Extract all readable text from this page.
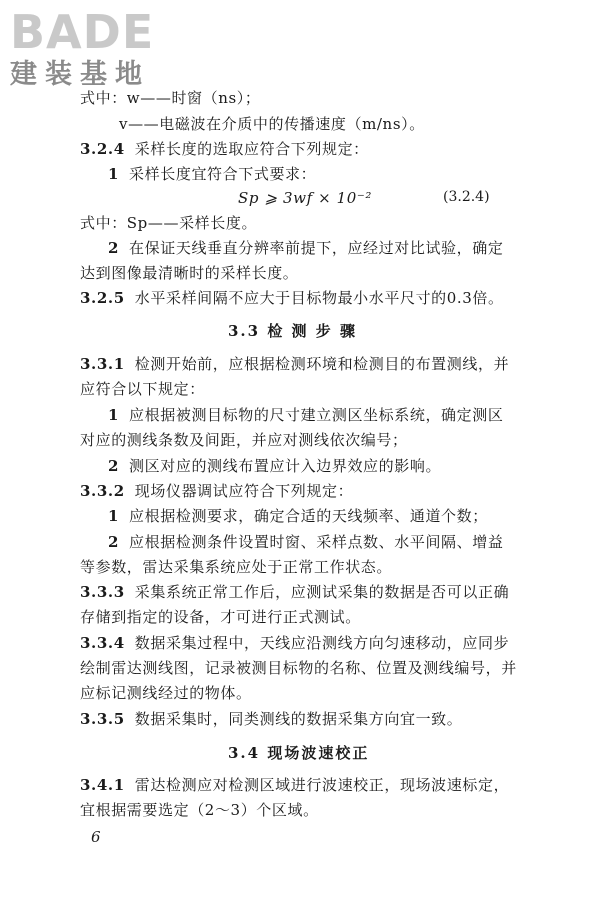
BADE
建装基地
式中：w——时窗（ns）；
v——电磁波在介质中的传播速度（m/ns）。
3.2.4 采样长度的选取应符合下列规定：
1 采样长度宜符合下式要求：
Sp ⩾ 3wf × 10⁻²	(3.2.4)
式中：Sp——采样长度。
2 在保证天线垂直分辨率前提下，应经过对比试验，确定
达到图像最清晰时的采样长度。
3.2.5 水平采样间隔不应大于目标物最小水平尺寸的0.3倍。
3.3 检 测 步 骤
3.3.1 检测开始前，应根据检测环境和检测目的布置测线，并
应符合以下规定：
1 应根据被测目标物的尺寸建立测区坐标系统，确定测区
对应的测线条数及间距，并应对测线依次编号；
2 测区对应的测线布置应计入边界效应的影响。
3.3.2 现场仪器调试应符合下列规定：
1 应根据检测要求，确定合适的天线频率、通道个数；
2 应根据检测条件设置时窗、采样点数、水平间隔、增益
等参数，雷达采集系统应处于正常工作状态。
3.3.3 采集系统正常工作后，应测试采集的数据是否可以正确
存储到指定的设备，才可进行正式测试。
3.3.4 数据采集过程中，天线应沿测线方向匀速移动，应同步
绘制雷达测线图，记录被测目标物的名称、位置及测线编号，并
应标记测线经过的物体。
3.3.5 数据采集时，同类测线的数据采集方向宜一致。
3.4 现场波速校正
3.4.1 雷达检测应对检测区域进行波速校正，现场波速标定，
宜根据需要选定（2～3）个区域。
6
